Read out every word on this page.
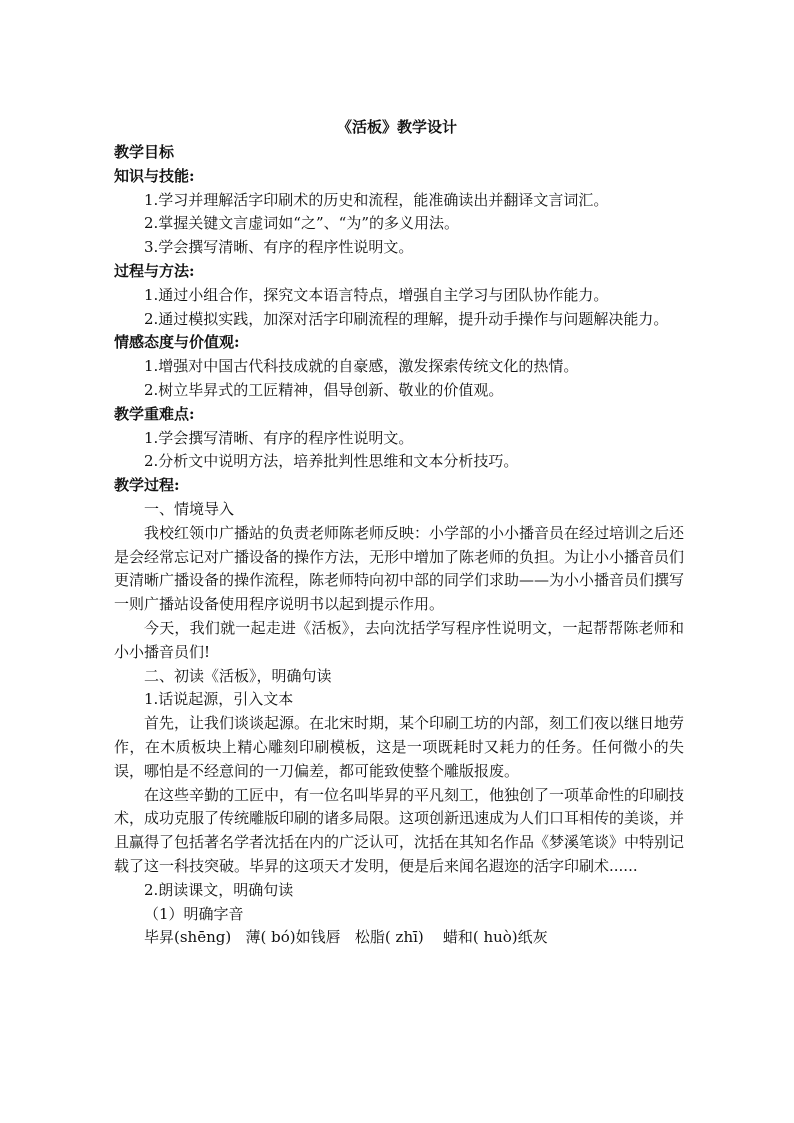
《活板》教学设计

教学目标

知识与技能:

1.学习并理解活字印刷术的历史和流程，能准确读出并翻译文言词汇。

2.掌握关键文言虚词如“之”、“为”的多义用法。

3.学会撰写清晰、有序的程序性说明文。

过程与方法:

1.通过小组合作，探究文本语言特点，增强自主学习与团队协作能力。

2.通过模拟实践，加深对活字印刷流程的理解，提升动手操作与问题解决能力。

情感态度与价值观:

1.增强对中国古代科技成就的自豪感，激发探索传统文化的热情。

2.树立毕昇式的工匠精神，倡导创新、敬业的价值观。

教学重难点:

1.学会撰写清晰、有序的程序性说明文。

2.分析文中说明方法，培养批判性思维和文本分析技巧。

教学过程:

一、情境导入

我校红领巾广播站的负责老师陈老师反映：小学部的小小播音员在经过培训之后还是会经常忘记对广播设备的操作方法，无形中增加了陈老师的负担。为让小小播音员们更清晰广播设备的操作流程，陈老师特向初中部的同学们求助——为小小播音员们撰写一则广播站设备使用程序说明书以起到提示作用。

今天，我们就一起走进《活板》，去向沈括学写程序性说明文，一起帮帮陈老师和小小播音员们!

二、初读《活板》，明确句读

1.话说起源，引入文本

首先，让我们谈谈起源。在北宋时期，某个印刷工坊的内部，刻工们夜以继日地劳作，在木质板块上精心雕刻印刷模板，这是一项既耗时又耗力的任务。任何微小的失误，哪怕是不经意间的一刀偏差，都可能致使整个雕版报废。

在这些辛勤的工匠中，有一位名叫毕昇的平凡刻工，他独创了一项革命性的印刷技术，成功克服了传统雕版印刷的诸多局限。这项创新迅速成为人们口耳相传的美谈，并且赢得了包括著名学者沈括在内的广泛认可，沈括在其知名作品《梦溪笔谈》中特别记载了这一科技突破。毕昇的这项天才发明，便是后来闻名遐迩的活字印刷术......

2.朗读课文，明确句读

（1）明确字音

毕昇(shēng)   薄( bó)如钱唇   松脂( zhī)    蜡和( huò)纸灰
